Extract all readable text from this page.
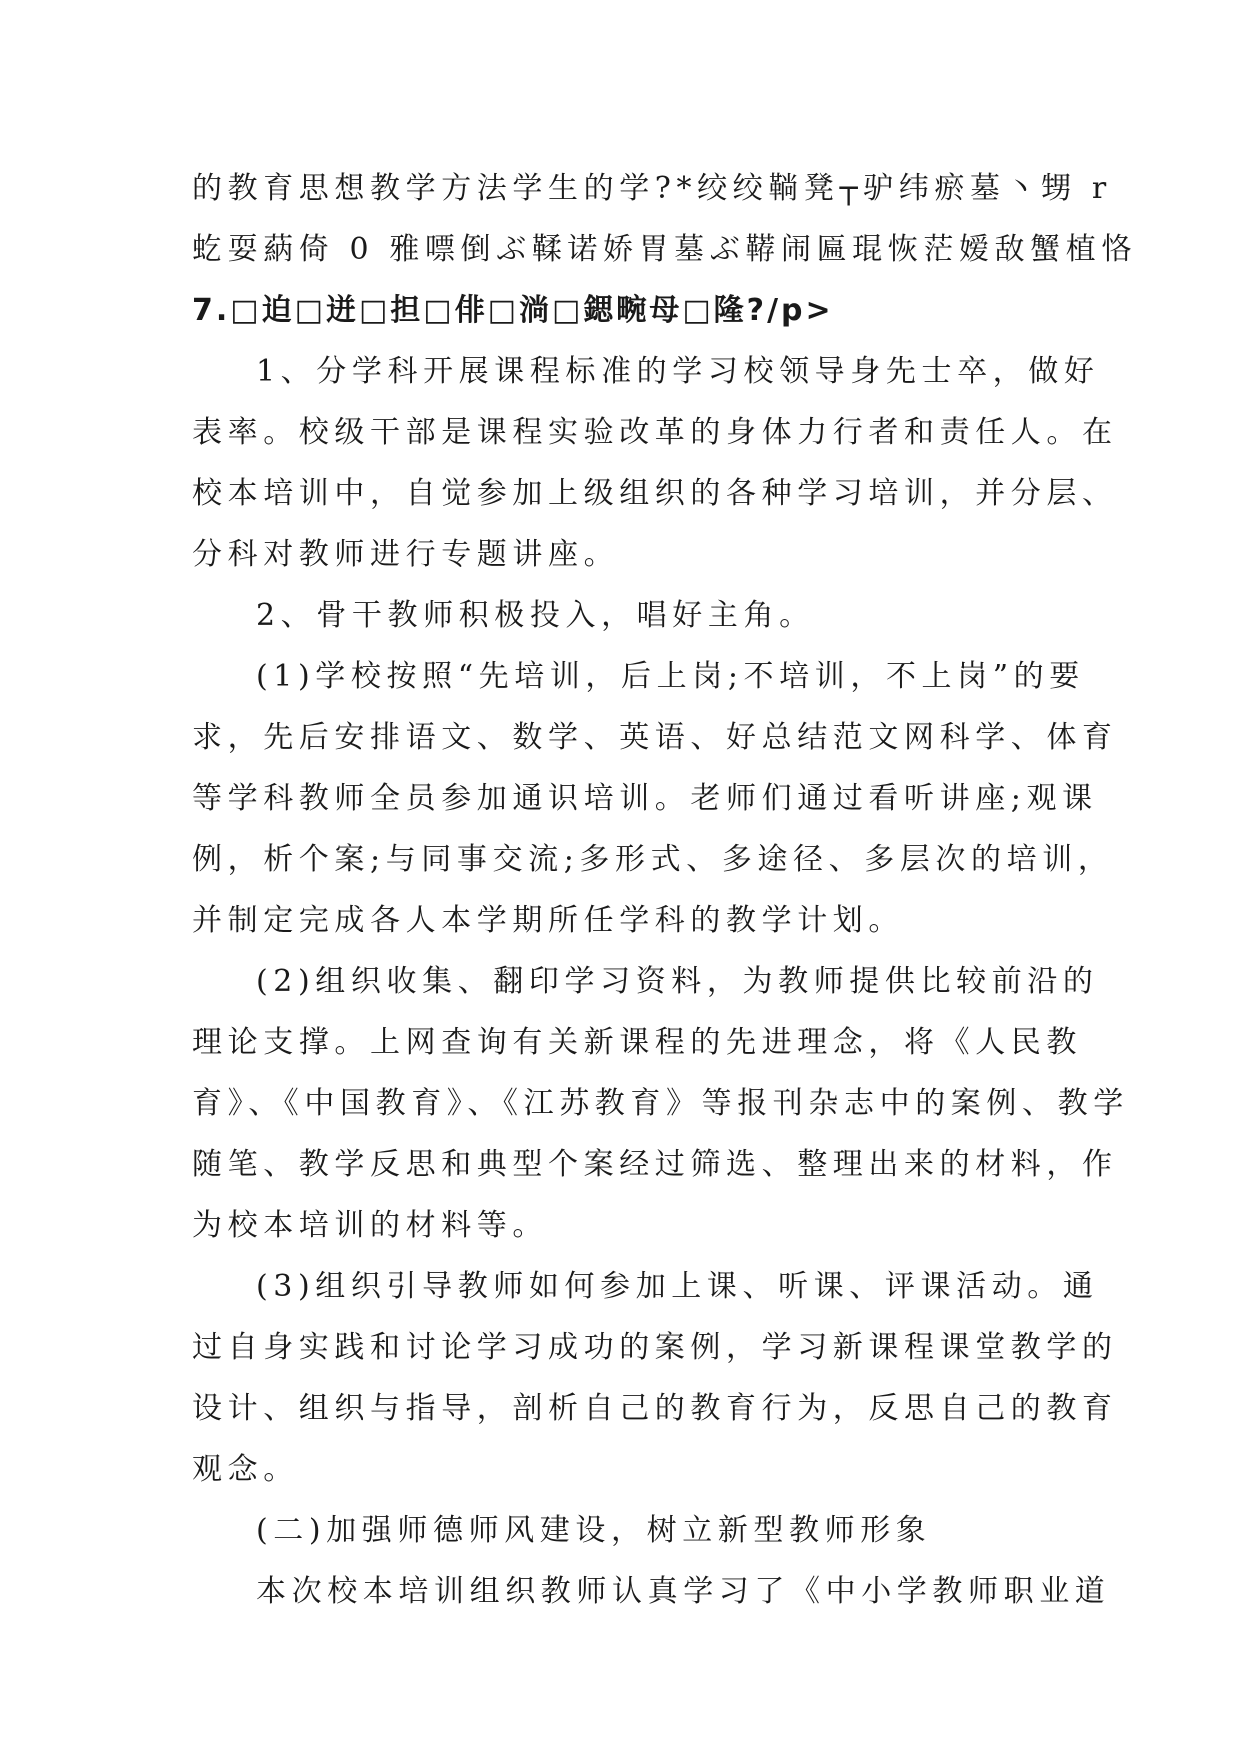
的教育思想教学方法学生的学?*绞绞鞝凳┬驴纬瘀墓丶甥 r
虼耍蒳倚 0 雅嘌倒ぶ鞣诺娇胃墓ぶ鞯闹匾琨恢茫嫒敌蟹植恪
7.□迫□迸□担□俳□淌□鍶畹母□隆?/p>
1、分学科开展课程标准的学习校领导身先士卒，做好
表率。校级干部是课程实验改革的身体力行者和责任人。在
校本培训中，自觉参加上级组织的各种学习培训，并分层、
分科对教师进行专题讲座。
2、骨干教师积极投入，唱好主角。
(1)学校按照“先培训，后上岗;不培训，不上岗”的要
求，先后安排语文、数学、英语、好总结范文网科学、体育
等学科教师全员参加通识培训。老师们通过看听讲座;观课
例，析个案;与同事交流;多形式、多途径、多层次的培训，
并制定完成各人本学期所任学科的教学计划。
(2)组织收集、翻印学习资料，为教师提供比较前沿的
理论支撑。上网查询有关新课程的先进理念，将《人民教
育》、《中国教育》、《江苏教育》等报刊杂志中的案例、教学
随笔、教学反思和典型个案经过筛选、整理出来的材料，作
为校本培训的材料等。
(3)组织引导教师如何参加上课、听课、评课活动。通
过自身实践和讨论学习成功的案例，学习新课程课堂教学的
设计、组织与指导，剖析自己的教育行为，反思自己的教育
观念。
(二)加强师德师风建设，树立新型教师形象
本次校本培训组织教师认真学习了《中小学教师职业道
